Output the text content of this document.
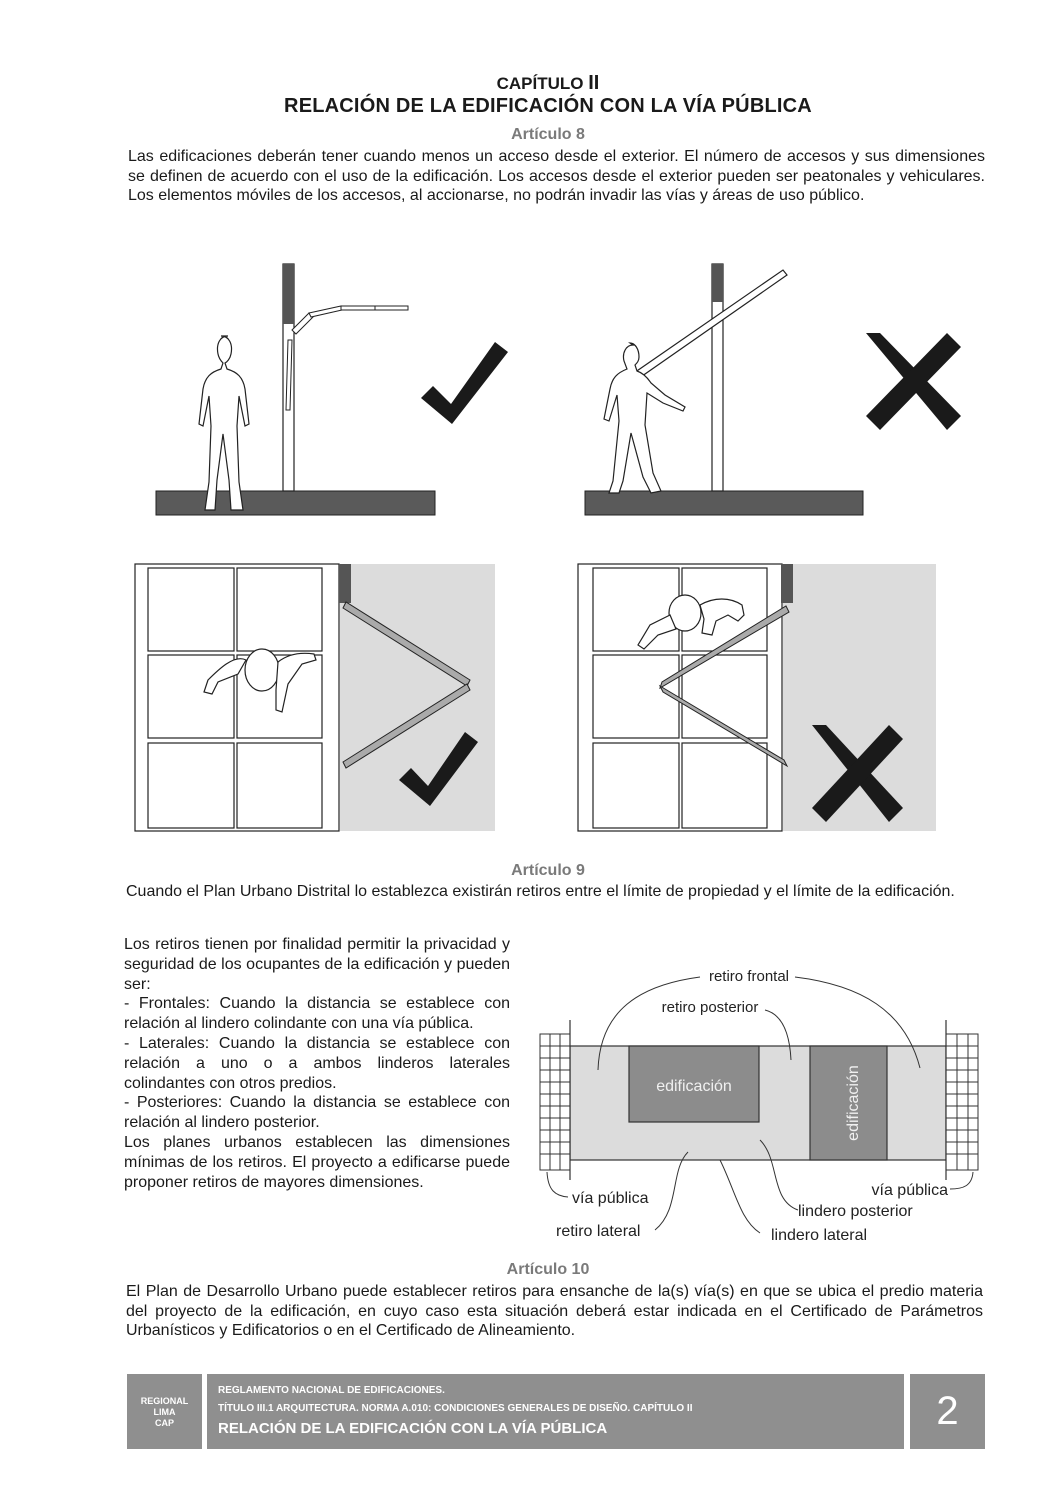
CAPÍTULO II
RELACIÓN DE LA EDIFICACIÓN CON LA VÍA PÚBLICA
Artículo 8
Las edificaciones deberán tener cuando menos un acceso desde el exterior. El número de accesos y sus dimensiones se definen de acuerdo con el uso de la edificación. Los accesos desde el exterior pueden ser peatonales y vehiculares. Los elementos móviles de los accesos, al accionarse, no podrán invadir las vías y áreas de uso público.
Artículo 9
Cuando el Plan Urbano Distrital lo establezca existirán retiros entre el límite de propiedad y el límite de la edificación.
Los retiros tienen por finalidad permitir la privacidad y seguridad de los ocupantes de la edificación y pueden ser:
- Frontales: Cuando la distancia se establece con relación al lindero colindante con una vía pública.
- Laterales: Cuando la distancia se establece con relación a uno o a ambos linderos laterales colindantes con otros predios.
- Posteriores: Cuando la distancia se establece con relación al lindero posterior.
Los planes urbanos establecen las dimensiones mínimas de los retiros. El proyecto a edificarse puede proponer retiros de mayores dimensiones.
edificación	edificación
retiro frontal
retiro posterior
vía pública	vía pública
retiro lateral
lindero posterior
lindero lateral
Artículo 10
El Plan de Desarrollo Urbano puede establecer retiros para ensanche de la(s) vía(s) en que se ubica el predio materia del proyecto de la edificación, en cuyo caso esta situación deberá estar indicada en el Certificado de Parámetros Urbanísticos y Edificatorios o en el Certificado de Alineamiento.
REGIONAL
LIMA
CAP
REGLAMENTO NACIONAL DE EDIFICACIONES.
TÍTULO III.1 ARQUITECTURA. NORMA A.010: CONDICIONES GENERALES DE DISEÑO. CAPÍTULO II
RELACIÓN DE LA EDIFICACIÓN CON LA VÍA PÚBLICA	2
